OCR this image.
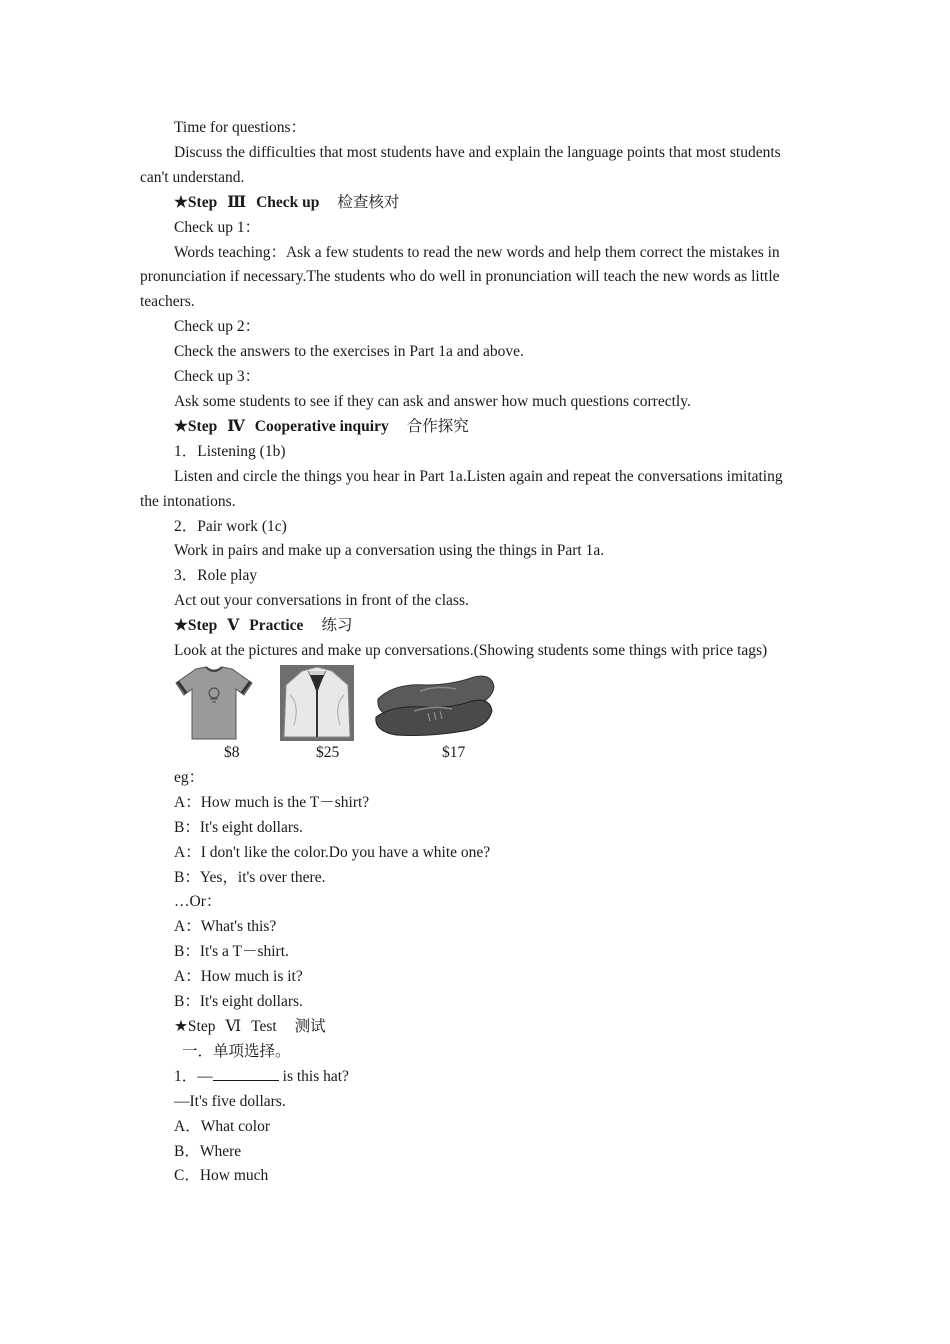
Time for questions：
Discuss the difficulties that most students have and explain the language points that most students can't understand.
★Step Ⅲ Check up 检查核对
Check up 1：
Words teaching：Ask a few students to read the new words and help them correct the mistakes in pronunciation if necessary.The students who do well in pronunciation will teach the new words as little teachers.
Check up 2：
Check the answers to the exercises in Part 1a and above.
Check up 3：
Ask some students to see if they can ask and answer how much questions correctly.
★Step Ⅳ Cooperative inquiry 合作探究
1．Listening (1b)
Listen and circle the things you hear in Part 1a.Listen again and repeat the conversations imitating the intonations.
2．Pair work (1c)
Work in pairs and make up a conversation using the things in Part 1a.
3．Role play
Act out your conversations in front of the class.
★Step Ⅴ Practice 练习
Look at the pictures and make up conversations.(Showing students some things with price tags)
$8	$25	$17
eg：
A：How much is the T－shirt?
B：It's eight dollars.
A：I don't like the color.Do you have a white one?
B：Yes，it's over there.
…Or：
A：What's this?
B：It's a T－shirt.
A：How much is it?
B：It's eight dollars.
★Step Ⅵ Test 测试
一．单项选择。
1．—	is this hat?
—It's five dollars.
A．What color
B．Where
C．How much
